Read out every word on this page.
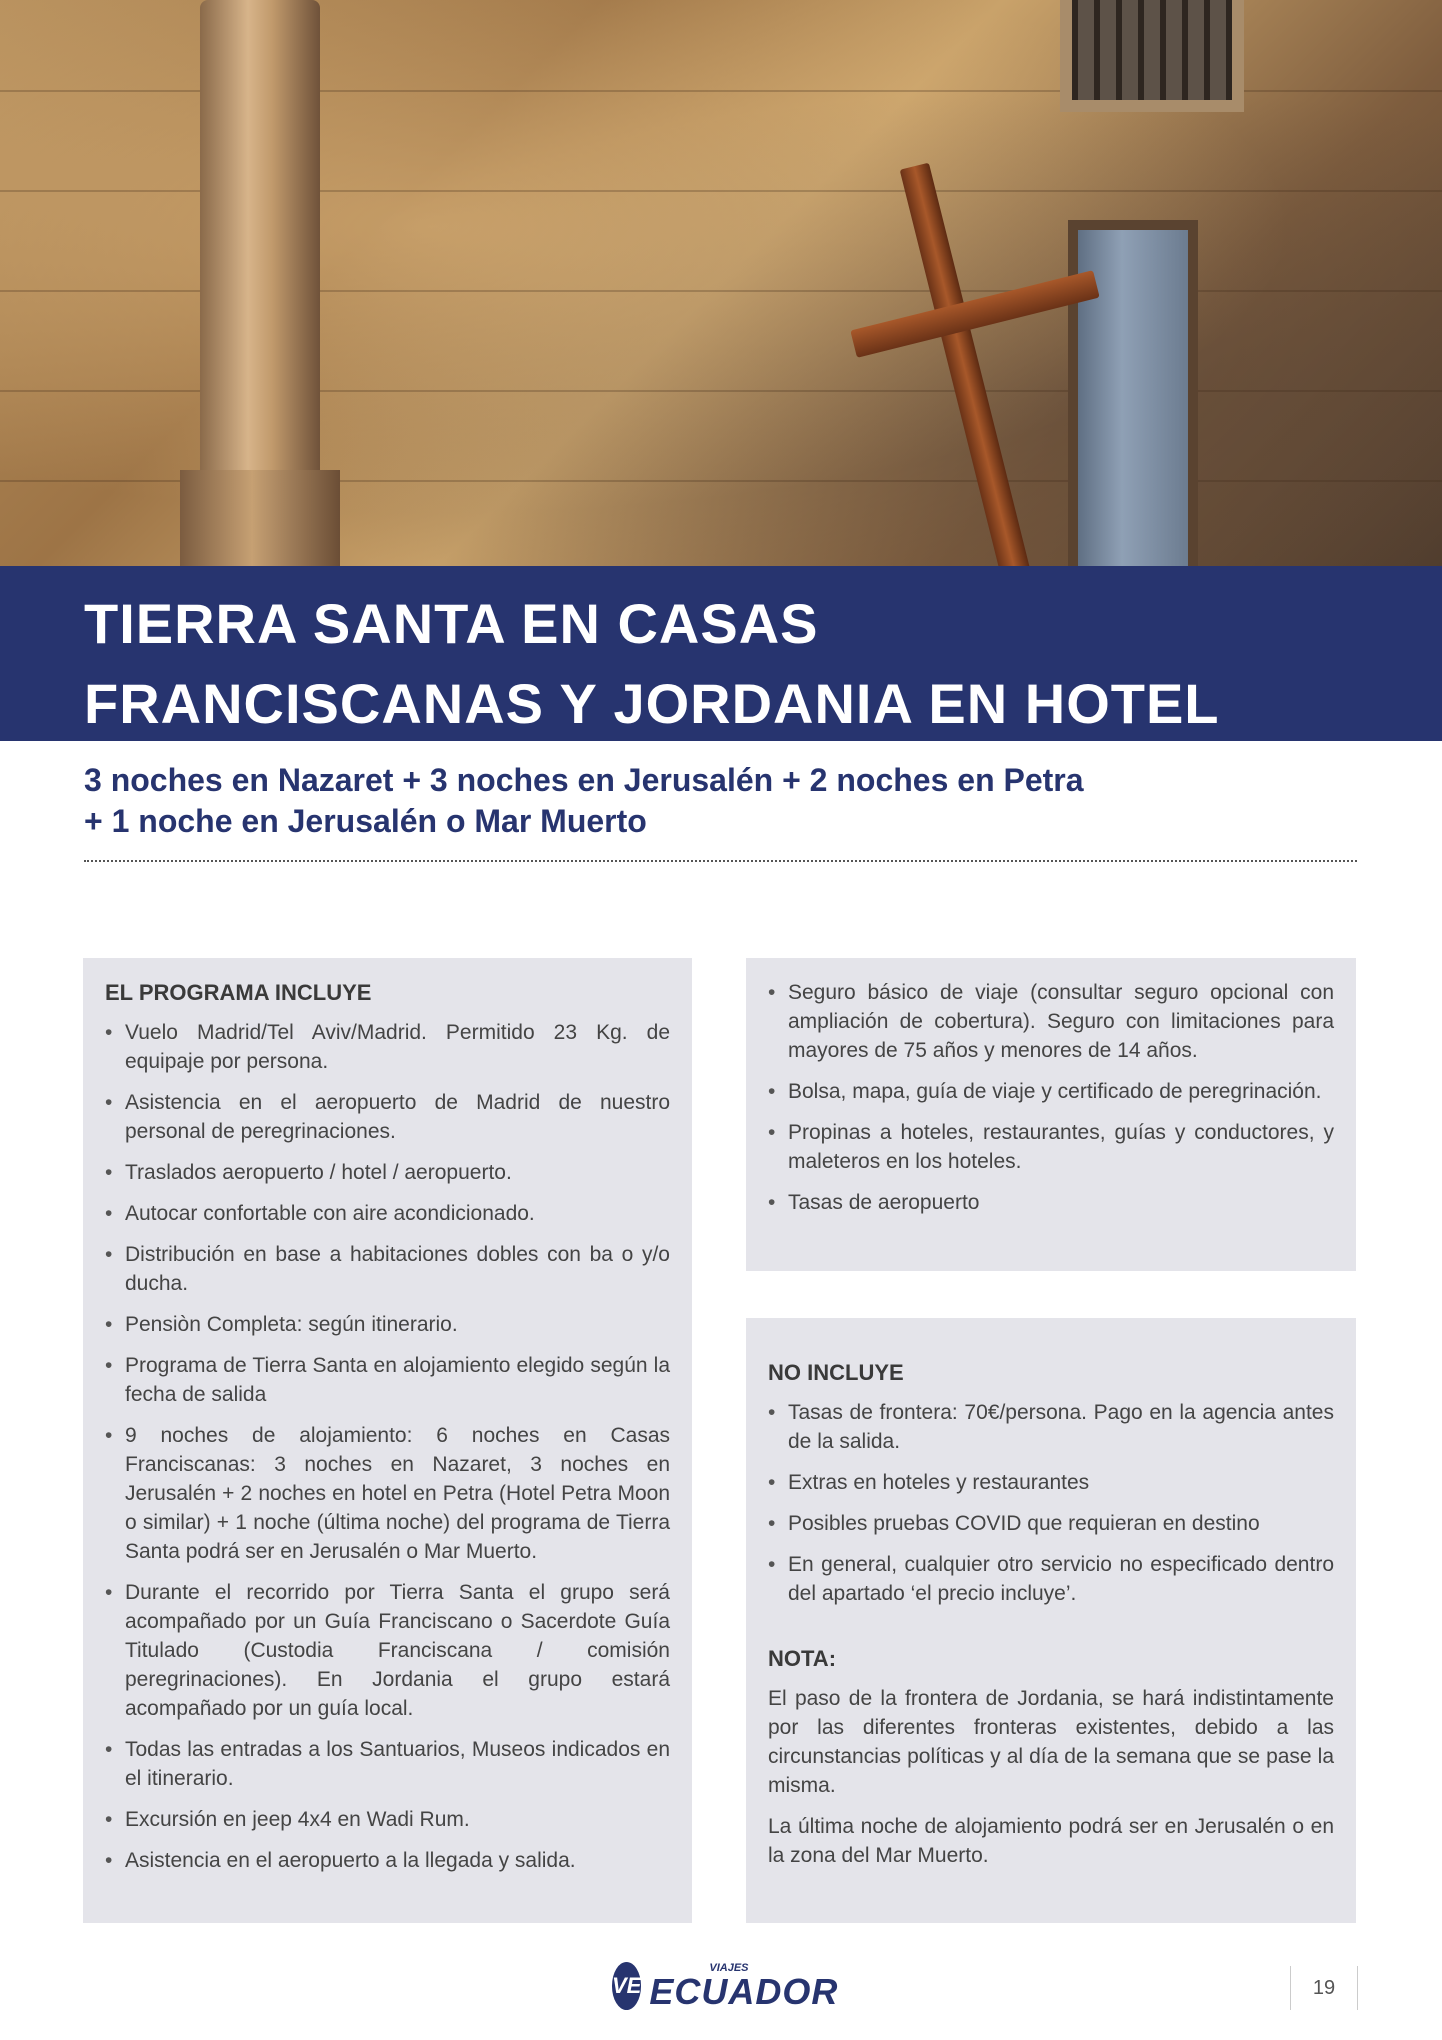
TIERRA SANTA EN CASAS
FRANCISCANAS Y JORDANIA EN HOTEL
3 noches en Nazaret + 3 noches en Jerusalén + 2 noches en Petra
+ 1 noche en Jerusalén o Mar Muerto
EL PROGRAMA INCLUYE
• Vuelo Madrid/Tel Aviv/Madrid. Permitido 23 Kg. de equipaje por persona.
• Asistencia en el aeropuerto de Madrid de nuestro personal de peregrinaciones.
• Traslados aeropuerto / hotel / aeropuerto.
• Autocar confortable con aire acondicionado.
• Distribución en base a habitaciones dobles con ba o y/o ducha.
• Pensiòn Completa: según itinerario.
• Programa de Tierra Santa en alojamiento elegido según la fecha de salida
• 9 noches de alojamiento: 6 noches en Casas Franciscanas: 3 noches en Nazaret, 3 noches en Jerusalén + 2 noches en hotel en Petra (Hotel Petra Moon o similar) + 1 noche (última noche) del programa de Tierra Santa podrá ser en Jerusalén o Mar Muerto.
• Durante el recorrido por Tierra Santa el grupo será acompañado por un Guía Franciscano o Sacerdote Guía Titulado (Custodia Franciscana / comisión peregrinaciones). En Jordania el grupo estará acompañado por un guía local.
• Todas las entradas a los Santuarios, Museos indicados en el itinerario.
• Excursión en jeep 4x4 en Wadi Rum.
• Asistencia en el aeropuerto a la llegada y salida.
• Seguro básico de viaje (consultar seguro opcional con ampliación de cobertura). Seguro con limitaciones para mayores de 75 años y menores de 14 años.
• Bolsa, mapa, guía de viaje y certificado de peregrinación.
• Propinas a hoteles, restaurantes, guías y conductores, y maleteros en los hoteles.
• Tasas de aeropuerto
NO INCLUYE
• Tasas de frontera: 70€/persona. Pago en la agencia antes de la salida.
• Extras en hoteles y restaurantes
• Posibles pruebas COVID que requieran en destino
• En general, cualquier otro servicio no especificado dentro del apartado ‘el precio incluye’.
NOTA:

El paso de la frontera de Jordania, se hará indistintamente por las diferentes fronteras existentes, debido a las circunstancias políticas y al día de la semana que se pase la misma.

La última noche de alojamiento podrá ser en Jerusalén o en la zona del Mar Muerto.

VE
VIAJES
ECUADOR	19
